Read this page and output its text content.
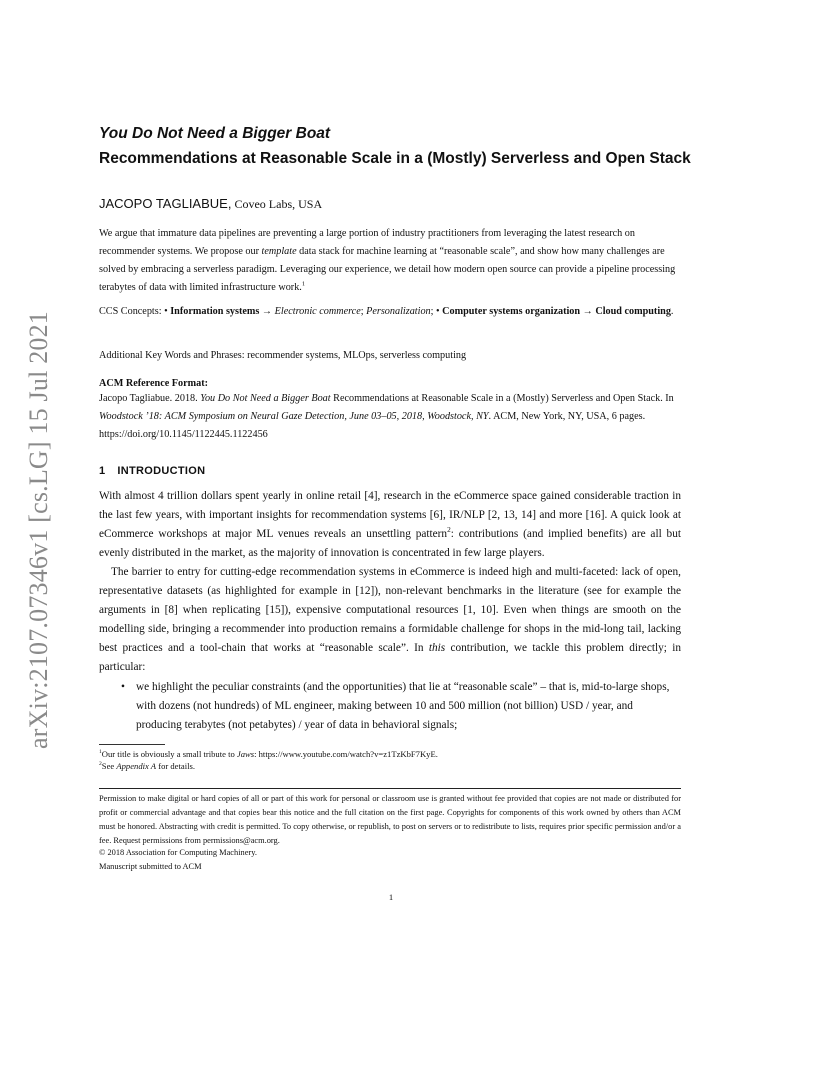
arXiv:2107.07346v1 [cs.LG] 15 Jul 2021
You Do Not Need a Bigger Boat
Recommendations at Reasonable Scale in a (Mostly) Serverless and Open Stack
JACOPO TAGLIABUE, Coveo Labs, USA
We argue that immature data pipelines are preventing a large portion of industry practitioners from leveraging the latest research on recommender systems. We propose our template data stack for machine learning at “reasonable scale”, and show how many challenges are solved by embracing a serverless paradigm. Leveraging our experience, we detail how modern open source can provide a pipeline processing terabytes of data with limited infrastructure work.$^1$
CCS Concepts: • Information systems → Electronic commerce; Personalization; • Computer systems organization → Cloud computing.
Additional Key Words and Phrases: recommender systems, MLOps, serverless computing
ACM Reference Format:
Jacopo Tagliabue. 2018. You Do Not Need a Bigger Boat Recommendations at Reasonable Scale in a (Mostly) Serverless and Open Stack. In Woodstock ’18: ACM Symposium on Neural Gaze Detection, June 03–05, 2018, Woodstock, NY. ACM, New York, NY, USA, 6 pages. https://doi.org/10.1145/1122445.1122456
1 INTRODUCTION
With almost 4 trillion dollars spent yearly in online retail [4], research in the eCommerce space gained considerable traction in the last few years, with important insights for recommendation systems [6], IR/NLP [2, 13, 14] and more [16]. A quick look at eCommerce workshops at major ML venues reveals an unsettling pattern$^2$: contributions (and implied benefits) are all but evenly distributed in the market, as the majority of innovation is concentrated in few large players.
The barrier to entry for cutting-edge recommendation systems in eCommerce is indeed high and multi-faceted: lack of open, representative datasets (as highlighted for example in [12]), non-relevant benchmarks in the literature (see for example the arguments in [8] when replicating [15]), expensive computational resources [1, 10]. Even when things are smooth on the modelling side, bringing a recommender into production remains a formidable challenge for shops in the mid-long tail, lacking best practices and a tool-chain that works at “reasonable scale”. In this contribution, we tackle this problem directly; in particular:
• we highlight the peculiar constraints (and the opportunities) that lie at “reasonable scale” – that is, mid-to-large shops, with dozens (not hundreds) of ML engineer, making between 10 and 500 million (not billion) USD / year, and producing terabytes (not petabytes) / year of data in behavioral signals;
$^1$Our title is obviously a small tribute to Jaws: https://www.youtube.com/watch?v=z1TzKbF7KyE.
$^2$See Appendix A for details.
Permission to make digital or hard copies of all or part of this work for personal or classroom use is granted without fee provided that copies are not made or distributed for profit or commercial advantage and that copies bear this notice and the full citation on the first page. Copyrights for components of this work owned by others than ACM must be honored. Abstracting with credit is permitted. To copy otherwise, or republish, to post on servers or to redistribute to lists, requires prior specific permission and/or a fee. Request permissions from permissions@acm.org.
© 2018 Association for Computing Machinery.
Manuscript submitted to ACM
1
